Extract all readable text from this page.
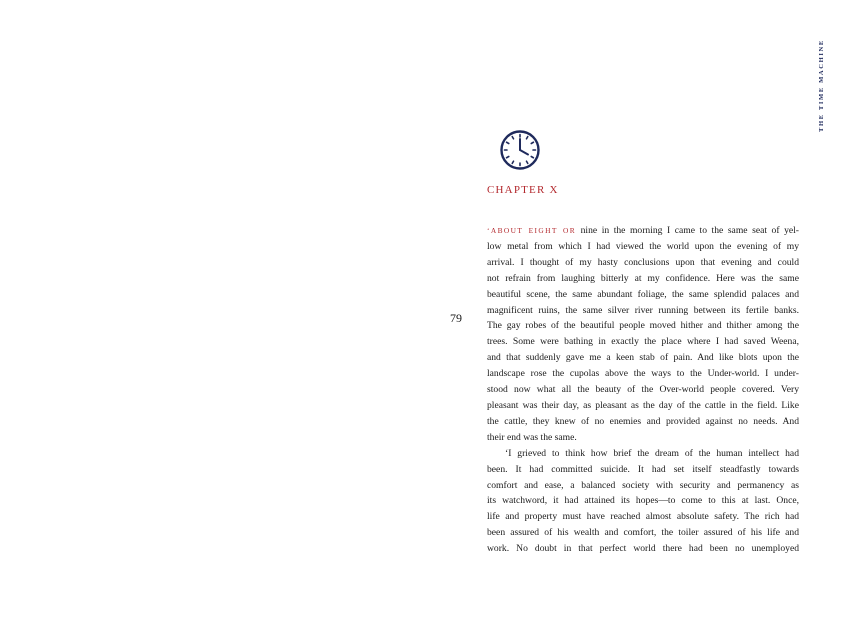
THE TIME MACHINE
CHAPTER X
79
‘ABOUT EIGHT OR nine in the morning I came to the same seat of yel-
low metal from which I had viewed the world upon the evening of my
arrival. I thought of my hasty conclusions upon that evening and could
not refrain from laughing bitterly at my confidence. Here was the same
beautiful scene, the same abundant foliage, the same splendid palaces and
magnificent ruins, the same silver river running between its fertile banks.
The gay robes of the beautiful people moved hither and thither among the
trees. Some were bathing in exactly the place where I had saved Weena,
and that suddenly gave me a keen stab of pain. And like blots upon the
landscape rose the cupolas above the ways to the Under-world. I under-
stood now what all the beauty of the Over-world people covered. Very
pleasant was their day, as pleasant as the day of the cattle in the field. Like
the cattle, they knew of no enemies and provided against no needs. And
their end was the same.
‘I grieved to think how brief the dream of the human intellect had
been. It had committed suicide. It had set itself steadfastly towards
comfort and ease, a balanced society with security and permanency as
its watchword, it had attained its hopes—to come to this at last. Once,
life and property must have reached almost absolute safety. The rich had
been assured of his wealth and comfort, the toiler assured of his life and
work. No doubt in that perfect world there had been no unemployed
